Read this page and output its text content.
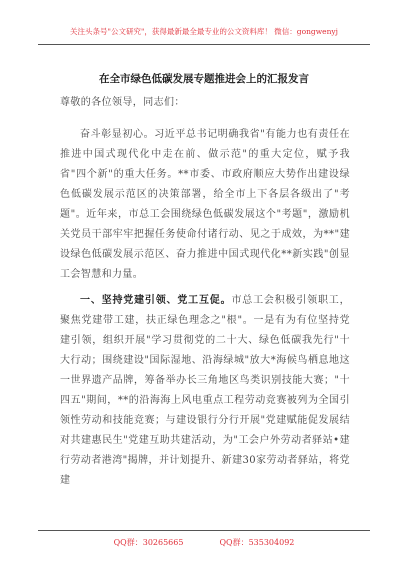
关注头条号"公文研究"，获得最新最全最专业的公文资料库！ 微信：gongwenyj
在全市绿色低碳发展专题推进会上的汇报发言

尊敬的各位领导，同志们：

奋斗彰显初心。习近平总书记明确我省"有能力也有责任在推进中国式现代化中走在前、做示范"的重大定位，赋予我省"四个新"的重大任务。**市委、市政府顺应大势作出建设绿色低碳发展示范区的决策部署，给全市上下各层各级出了"考题"。近年来，市总工会围绕绿色低碳发展这个"考题"，激励机关党员干部牢牢把握任务使命付诸行动、见之于成效，为**"建设绿色低碳发展示范区、奋力推进中国式现代化**新实践"创显工会智慧和力量。

一、坚持党建引领、党工互促。市总工会积极引领职工，聚焦党建带工建，扶正绿色理念之"根"。一是有为有位坚持党建引领，组织开展"学习贯彻党的二十大、绿色低碳我先行"十大行动；围绕建设"国际湿地、沿海绿城"放大*海候鸟栖息地这一世界遗产品牌，筹备举办长三角地区鸟类识别技能大赛；"十四五"期间，**的沿海海上风电重点工程劳动竞赛被列为全国引领性劳动和技能竞赛；与建设银行分行开展"党建赋能促发展结对共建惠民生"党建互助共建活动，为"工会户外劳动者驿站•建行劳动者港湾"揭牌，并计划提升、新建30家劳动者驿站，将党建

QQ群：30265665	QQ群：535304092
